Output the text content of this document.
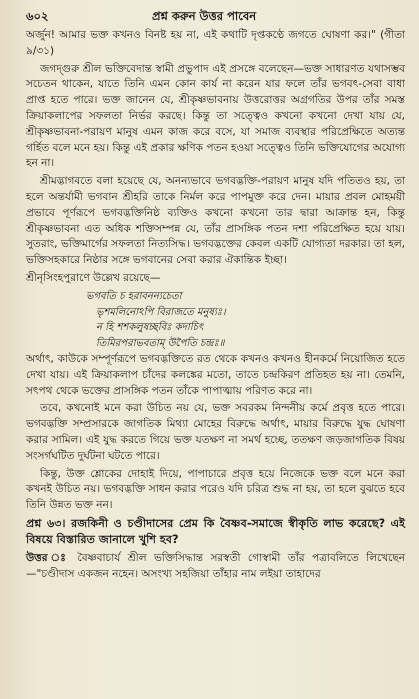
৬০২	প্রশ্ন করুন উত্তর পাবেন

অর্জুন! আমার ভক্ত কখনও বিনষ্ট হয় না, এই কথাটি দৃপ্তকণ্ঠে জগতে ঘোষণা কর।" (গীতা ৯/৩১)

জগদ্গুরু শ্রীল ভক্তিবেদান্ত স্বামী প্রভুপাদ এই প্রসঙ্গে বলেছেন—ভক্ত সাধারণত যথাসম্ভব সচেতন থাকেন, যাতে তিনি এমন কোন কার্য না করেন যার ফলে তাঁর ভগবৎ-সেবা বাধা প্রাপ্ত হতে পারে। ভক্ত জানেন যে, শ্রীকৃষ্ণভাবনায় উত্তরোত্তর অগ্রগতির উপর তাঁর সমস্ত ক্রিয়াকলাপের সফলতা নির্ভর করছে। কিন্তু তা সত্ত্বেও কখনো কখনো দেখা যায় যে, শ্রীকৃষ্ণভাবনা-পরায়ণ মানুষ এমন কাজ করে বসে, যা সমাজ ব্যবস্থার পরিপ্রেক্ষিতে অত্যন্ত গর্হিত বলে মনে হয়। কিন্তু এই প্রকার ক্ষণিক পতন হওয়া সত্ত্বেও তিনি ভক্তিযোগের অযোগ্য হন না।

শ্রীমদ্ভাগবতে বলা হয়েছে যে, অনন্যভাবে ভগবদ্ভক্তি-পরায়ণ মানুষ যদি পতিতও হয়, তা হলে অন্তর্যামী ভগবান শ্রীহরি তাকে নির্মল করে পাপমুক্ত করে দেন। মায়ার প্রবল মোহময়ী প্রভাবে পূর্ণরূপে ভগবদ্ভক্তিনিষ্ঠ ব্যক্তিও কখনো কখনো তার দ্বারা আক্রান্ত হন, কিন্তু শ্রীকৃষ্ণভাবনা এত অধিক শক্তিসম্পন্ন যে, তাঁর প্রাসঙ্গিক পতন দশা পরিপ্রেক্ষিত হয়ে যায়। সুতরাং, ভক্তিমার্গের সফলতা নিত্যসিদ্ধ। ভগবদ্ভক্তের কেবল একটি যোগ্যতা দরকার। তা হল, ভক্তিসহকারে নিষ্ঠার সঙ্গে ভগবানের সেবা করার ঐকান্তিক ইচ্ছা।

শ্রীনৃসিংহপুরাণে উল্লেখ রয়েছে—

ভগবতি চ হরাবনন্যচেতা

ভৃশমলিনোঽপি বিরাজতে মনুষ্যঃ।

ন হি শশকলুষচ্ছবিঃ কদাচিৎ

তিমিরপরাভবতাম্ উপৈতি চন্দ্রঃ॥

অর্থাৎ, কাউকে সম্পূর্ণরূপে ভগবদ্ভক্তিতে রত থেকে কখনও কখনও হীনকর্মে নিয়োজিত হতে দেখা যায়। এই ক্রিয়াকলাপ চাঁদের কলঙ্কের মতো, তাতে চন্দ্রকিরণ প্রতিহত হয় না। তেমনি, সৎপথ থেকে ভক্তের প্রাসঙ্গিক পতন তাঁকে পাপাত্মায় পরিণত করে না।

তবে, কখনোই মনে করা উচিত নয় যে, ভক্ত সবরকম নিন্দনীয় কর্মে প্রবৃত্ত হতে পারে। ভগবদ্ভক্তি সম্প্রসারকে জাগতিক মিথ্যা মোহের বিরুদ্ধে অর্থাৎ, মায়ার বিরুদ্ধে যুদ্ধ ঘোষণা করার সামিল। এই যুদ্ধ করতে গিয়ে ভক্ত যতক্ষণ না সমর্থ হচ্ছে, ততক্ষণ জড়জাগতিক বিষয় সংসর্গঘটিত দুর্ঘটনা ঘটতে পারে।

কিন্তু, উক্ত শ্লোকের দোহাই দিয়ে, পাপাচারে প্রবৃত্ত হয়ে নিজেকে ভক্ত বলে মনে করা কখনই উচিত নয়। ভগবদ্ভক্তি সাধন করার পরেও যদি চরিত্র শুদ্ধ না হয়, তা হলে বুঝতে হবে তিনি উন্নত ভক্ত নন।

প্রশ্ন ৬৩। রজকিনী ও চণ্ডীদাসের প্রেম কি বৈষ্ণব-সমাজে স্বীকৃতি লাভ করেছে? এই বিষয়ে বিস্তারিত জানালে খুশি হব?

উত্তর ঃ বৈষ্ণবাচার্য শ্রীল ভক্তিসিদ্ধান্ত সরস্বতী গোস্বামী তাঁর পত্রাবলিতে লিখেছেন—"চণ্ডীদাস একজন নহেন। অসংখ্য সহজিয়া তাঁহার নাম লইয়া তাহাদের
